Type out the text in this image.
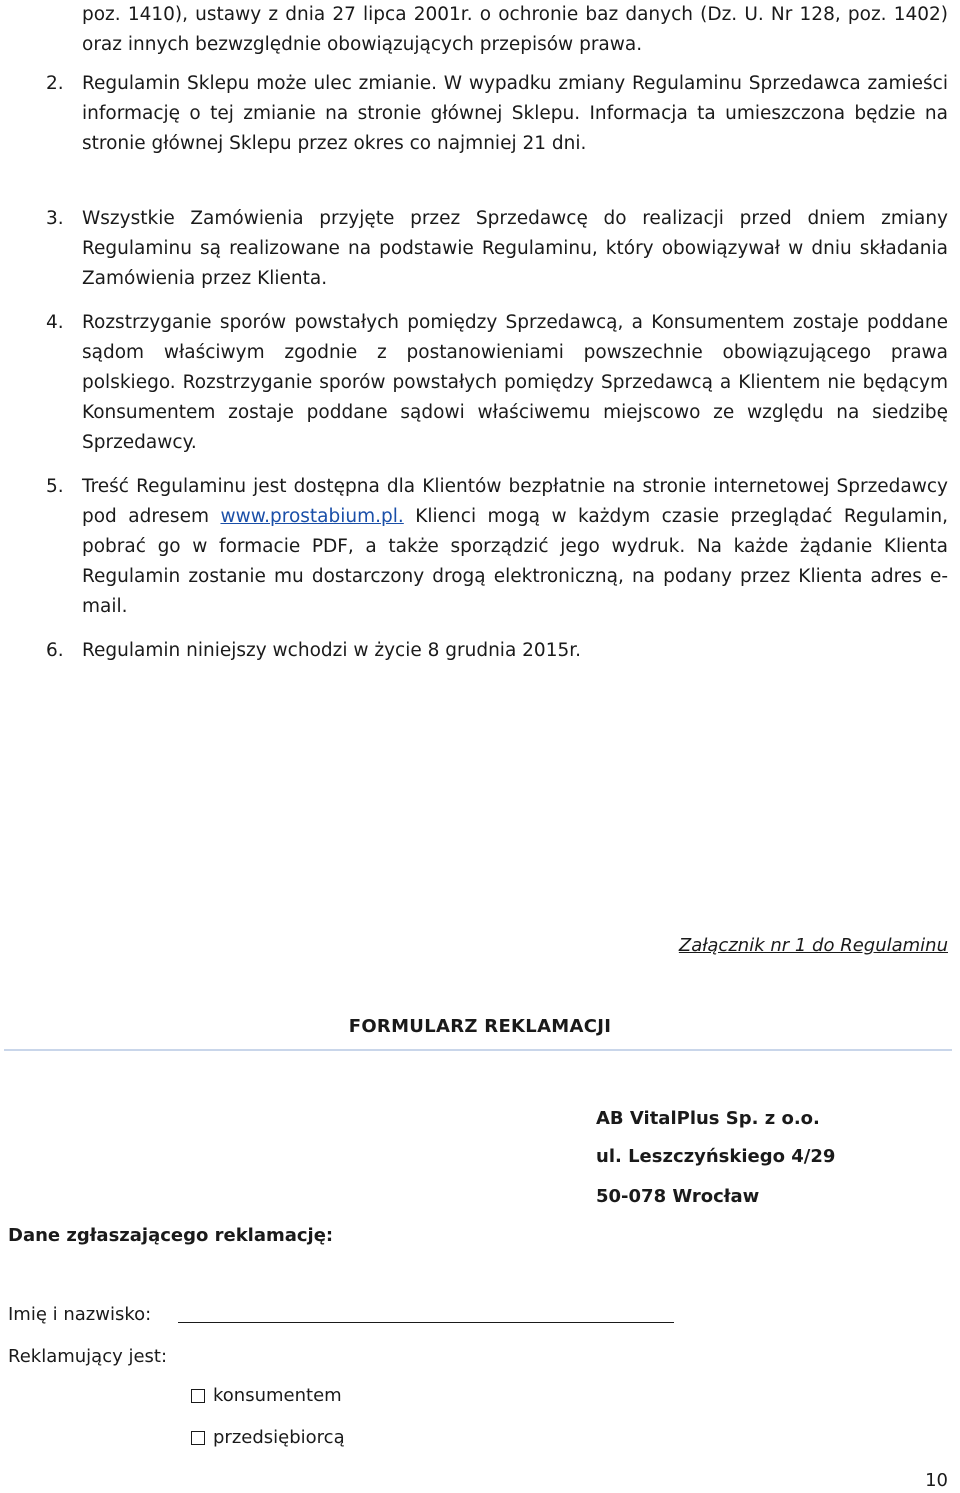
poz. 1410), ustawy z dnia 27 lipca 2001r. o ochronie baz danych (Dz. U. Nr 128, poz. 1402) oraz innych bezwzględnie obowiązujących przepisów prawa.
2. Regulamin Sklepu może ulec zmianie. W wypadku zmiany Regulaminu Sprzedawca zamieści informację o tej zmianie na stronie głównej Sklepu. Informacja ta umieszczona będzie na stronie głównej Sklepu przez okres co najmniej 21 dni.
3. Wszystkie Zamówienia przyjęte przez Sprzedawcę do realizacji przed dniem zmiany Regulaminu są realizowane na podstawie Regulaminu, który obowiązywał w dniu składania Zamówienia przez Klienta.
4. Rozstrzyganie sporów powstałych pomiędzy Sprzedawcą, a Konsumentem zostaje poddane sądom właściwym zgodnie z postanowieniami powszechnie obowiązującego prawa polskiego. Rozstrzyganie sporów powstałych pomiędzy Sprzedawcą a Klientem nie będącym Konsumentem zostaje poddane sądowi właściwemu miejscowo ze względu na siedzibę Sprzedawcy.
5. Treść Regulaminu jest dostępna dla Klientów bezpłatnie na stronie internetowej Sprzedawcy pod adresem www.prostabium.pl. Klienci mogą w każdym czasie przeglądać Regulamin, pobrać go w formacie PDF, a także sporządzić jego wydruk. Na każde żądanie Klienta Regulamin zostanie mu dostarczony drogą elektroniczną, na podany przez Klienta adres e-mail.
6. Regulamin niniejszy wchodzi w życie 8 grudnia 2015r.
Załącznik nr 1 do Regulaminu
FORMULARZ REKLAMACJI
AB VitalPlus Sp. z o.o.
ul. Leszczyńskiego 4/29
50-078 Wrocław
Dane zgłaszającego reklamację:
Imię i nazwisko:
Reklamujący jest:
konsumentem
przedsiębiorcą
10
